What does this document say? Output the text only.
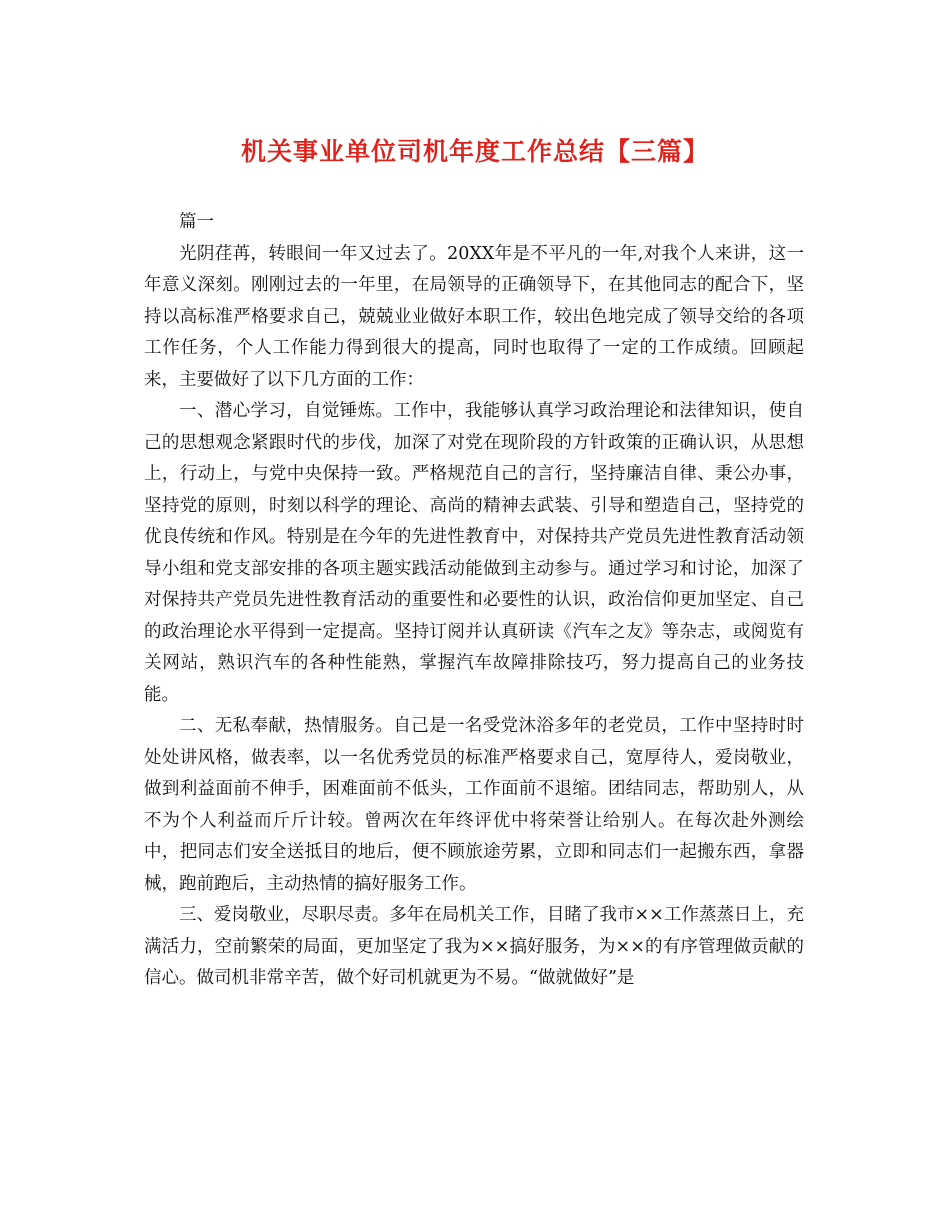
机关事业单位司机年度工作总结【三篇】

篇一

光阴荏苒，转眼间一年又过去了。20XX年是不平凡的一年,对我个人来讲，这一年意义深刻。刚刚过去的一年里，在局领导的正确领导下，在其他同志的配合下，坚持以高标准严格要求自己，兢兢业业做好本职工作，较出色地完成了领导交给的各项工作任务，个人工作能力得到很大的提高，同时也取得了一定的工作成绩。回顾起来，主要做好了以下几方面的工作：

一、潜心学习，自觉锤炼。工作中，我能够认真学习政治理论和法律知识，使自己的思想观念紧跟时代的步伐，加深了对党在现阶段的方针政策的正确认识，从思想上，行动上，与党中央保持一致。严格规范自己的言行，坚持廉洁自律、秉公办事，坚持党的原则，时刻以科学的理论、高尚的精神去武装、引导和塑造自己，坚持党的优良传统和作风。特别是在今年的先进性教育中，对保持共产党员先进性教育活动领导小组和党支部安排的各项主题实践活动能做到主动参与。通过学习和讨论，加深了对保持共产党员先进性教育活动的重要性和必要性的认识，政治信仰更加坚定、自己的政治理论水平得到一定提高。坚持订阅并认真研读《汽车之友》等杂志，或阅览有关网站，熟识汽车的各种性能熟，掌握汽车故障排除技巧，努力提高自己的业务技能。

二、无私奉献，热情服务。自己是一名受党沐浴多年的老党员，工作中坚持时时处处讲风格，做表率，以一名优秀党员的标准严格要求自己，宽厚待人，爱岗敬业，做到利益面前不伸手，困难面前不低头，工作面前不退缩。团结同志，帮助别人，从不为个人利益而斤斤计较。曾两次在年终评优中将荣誉让给别人。在每次赴外测绘中，把同志们安全送抵目的地后，便不顾旅途劳累，立即和同志们一起搬东西，拿器械，跑前跑后，主动热情的搞好服务工作。

三、爱岗敬业，尽职尽责。多年在局机关工作，目睹了我市××工作蒸蒸日上，充满活力，空前繁荣的局面，更加坚定了我为××搞好服务，为××的有序管理做贡献的信心。做司机非常辛苦，做个好司机就更为不易。“做就做好”是
